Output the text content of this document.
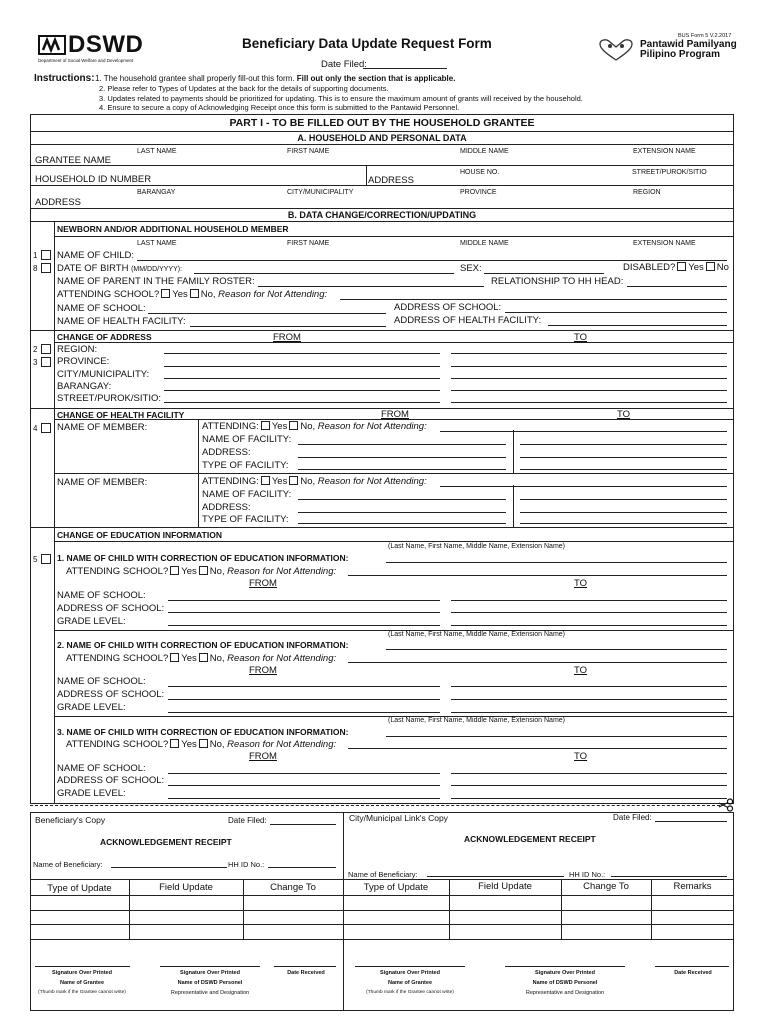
BUS Form 5 V.2.2017
DSWD
Department of Social Welfare and Development
Beneficiary Data Update Request Form
Date Filed:
Pantawid Pamilyang
Pilipino Program
Instructions: 1. The household grantee shall properly fill-out this form. Fill out only the section that is applicable.
2. Please refer to Types of Updates at the back for the details of supporting documents.
3. Updates related to payments should be prioritized for updating. This is to ensure the maximum amount of grants will received by the household.
4. Ensure to secure a copy of Acknowledging Receipt once this form is submitted to the Pantawid Personnel.
PART I - TO BE FILLED OUT BY THE HOUSEHOLD GRANTEE
A. HOUSEHOLD AND PERSONAL DATA
LAST NAME	FIRST NAME	MIDDLE NAME	EXTENSION NAME
GRANTEE NAME
HOUSEHOLD ID NUMBER
HOUSE NO.	STREET/PUROK/SITIO
ADDRESS
BARANGAY	CITY/MUNICIPALITY	PROVINCE	REGION
ADDRESS
B. DATA CHANGE/CORRECTION/UPDATING
NEWBORN AND/OR ADDITIONAL HOUSEHOLD MEMBER
LAST NAME	FIRST NAME	MIDDLE NAME	EXTENSION NAME
1
8
NAME OF CHILD:
DATE OF BIRTH (MM/DD/YYYY):	SEX:	DISABLED? Yes No
NAME OF PARENT IN THE FAMILY ROSTER:	RELATIONSHIP TO HH HEAD:
ATTENDING SCHOOL? Yes No, Reason for Not Attending:
NAME OF SCHOOL:	ADDRESS OF SCHOOL:
NAME OF HEALTH FACILITY:	ADDRESS OF HEALTH FACILITY:
CHANGE OF ADDRESS	FROM	TO
2
3
REGION:
PROVINCE:
CITY/MUNICIPALITY:
BARANGAY:
STREET/PUROK/SITIO:
CHANGE OF HEALTH FACILITY	FROM	TO
4 NAME OF MEMBER:	ATTENDING: Yes No, Reason for Not Attending:
NAME OF FACILITY:
ADDRESS:
TYPE OF FACILITY:
NAME OF MEMBER:	ATTENDING: Yes No, Reason for Not Attending:
NAME OF FACILITY:
ADDRESS:
TYPE OF FACILITY:
CHANGE OF EDUCATION INFORMATION
5
(Last Name, First Name, Middle Name, Extension Name)
1. NAME OF CHILD WITH CORRECTION OF EDUCATION INFORMATION:
ATTENDING SCHOOL? Yes No, Reason for Not Attending:
FROM	TO
NAME OF SCHOOL:
ADDRESS OF SCHOOL:
GRADE LEVEL:
(Last Name, First Name, Middle Name, Extension Name)
2. NAME OF CHILD WITH CORRECTION OF EDUCATION INFORMATION:
ATTENDING SCHOOL? Yes No, Reason for Not Attending:
FROM	TO
NAME OF SCHOOL:
ADDRESS OF SCHOOL:
GRADE LEVEL:
(Last Name, First Name, Middle Name, Extension Name)
3. NAME OF CHILD WITH CORRECTION OF EDUCATION INFORMATION:
ATTENDING SCHOOL? Yes No, Reason for Not Attending:
FROM	TO
NAME OF SCHOOL:
ADDRESS OF SCHOOL:
GRADE LEVEL:
Beneficiary's Copy	Date Filed:
ACKNOWLEDGEMENT RECEIPT
Name of Beneficiary:	HH ID No.:
City/Municipal Link's Copy	Date Filed:
ACKNOWLEDGEMENT RECEIPT
Name of Beneficiary:	HH ID No.:
Type of Update	Field Update	Change To	Type of Update	Field Update	Change To	Remarks
Signature Over Printed
Name of Grantee
(Thumb mark if the Grantee cannot write)
Signature Over Printed
Name of DSWD Personel
Representative and Designation
Date Received	Signature Over Printed
Name of Grantee
(Thumb mark if the Grantee cannot write)
Signature Over Printed
Name of DSWD Personel
Representative and Designation
Date Received
